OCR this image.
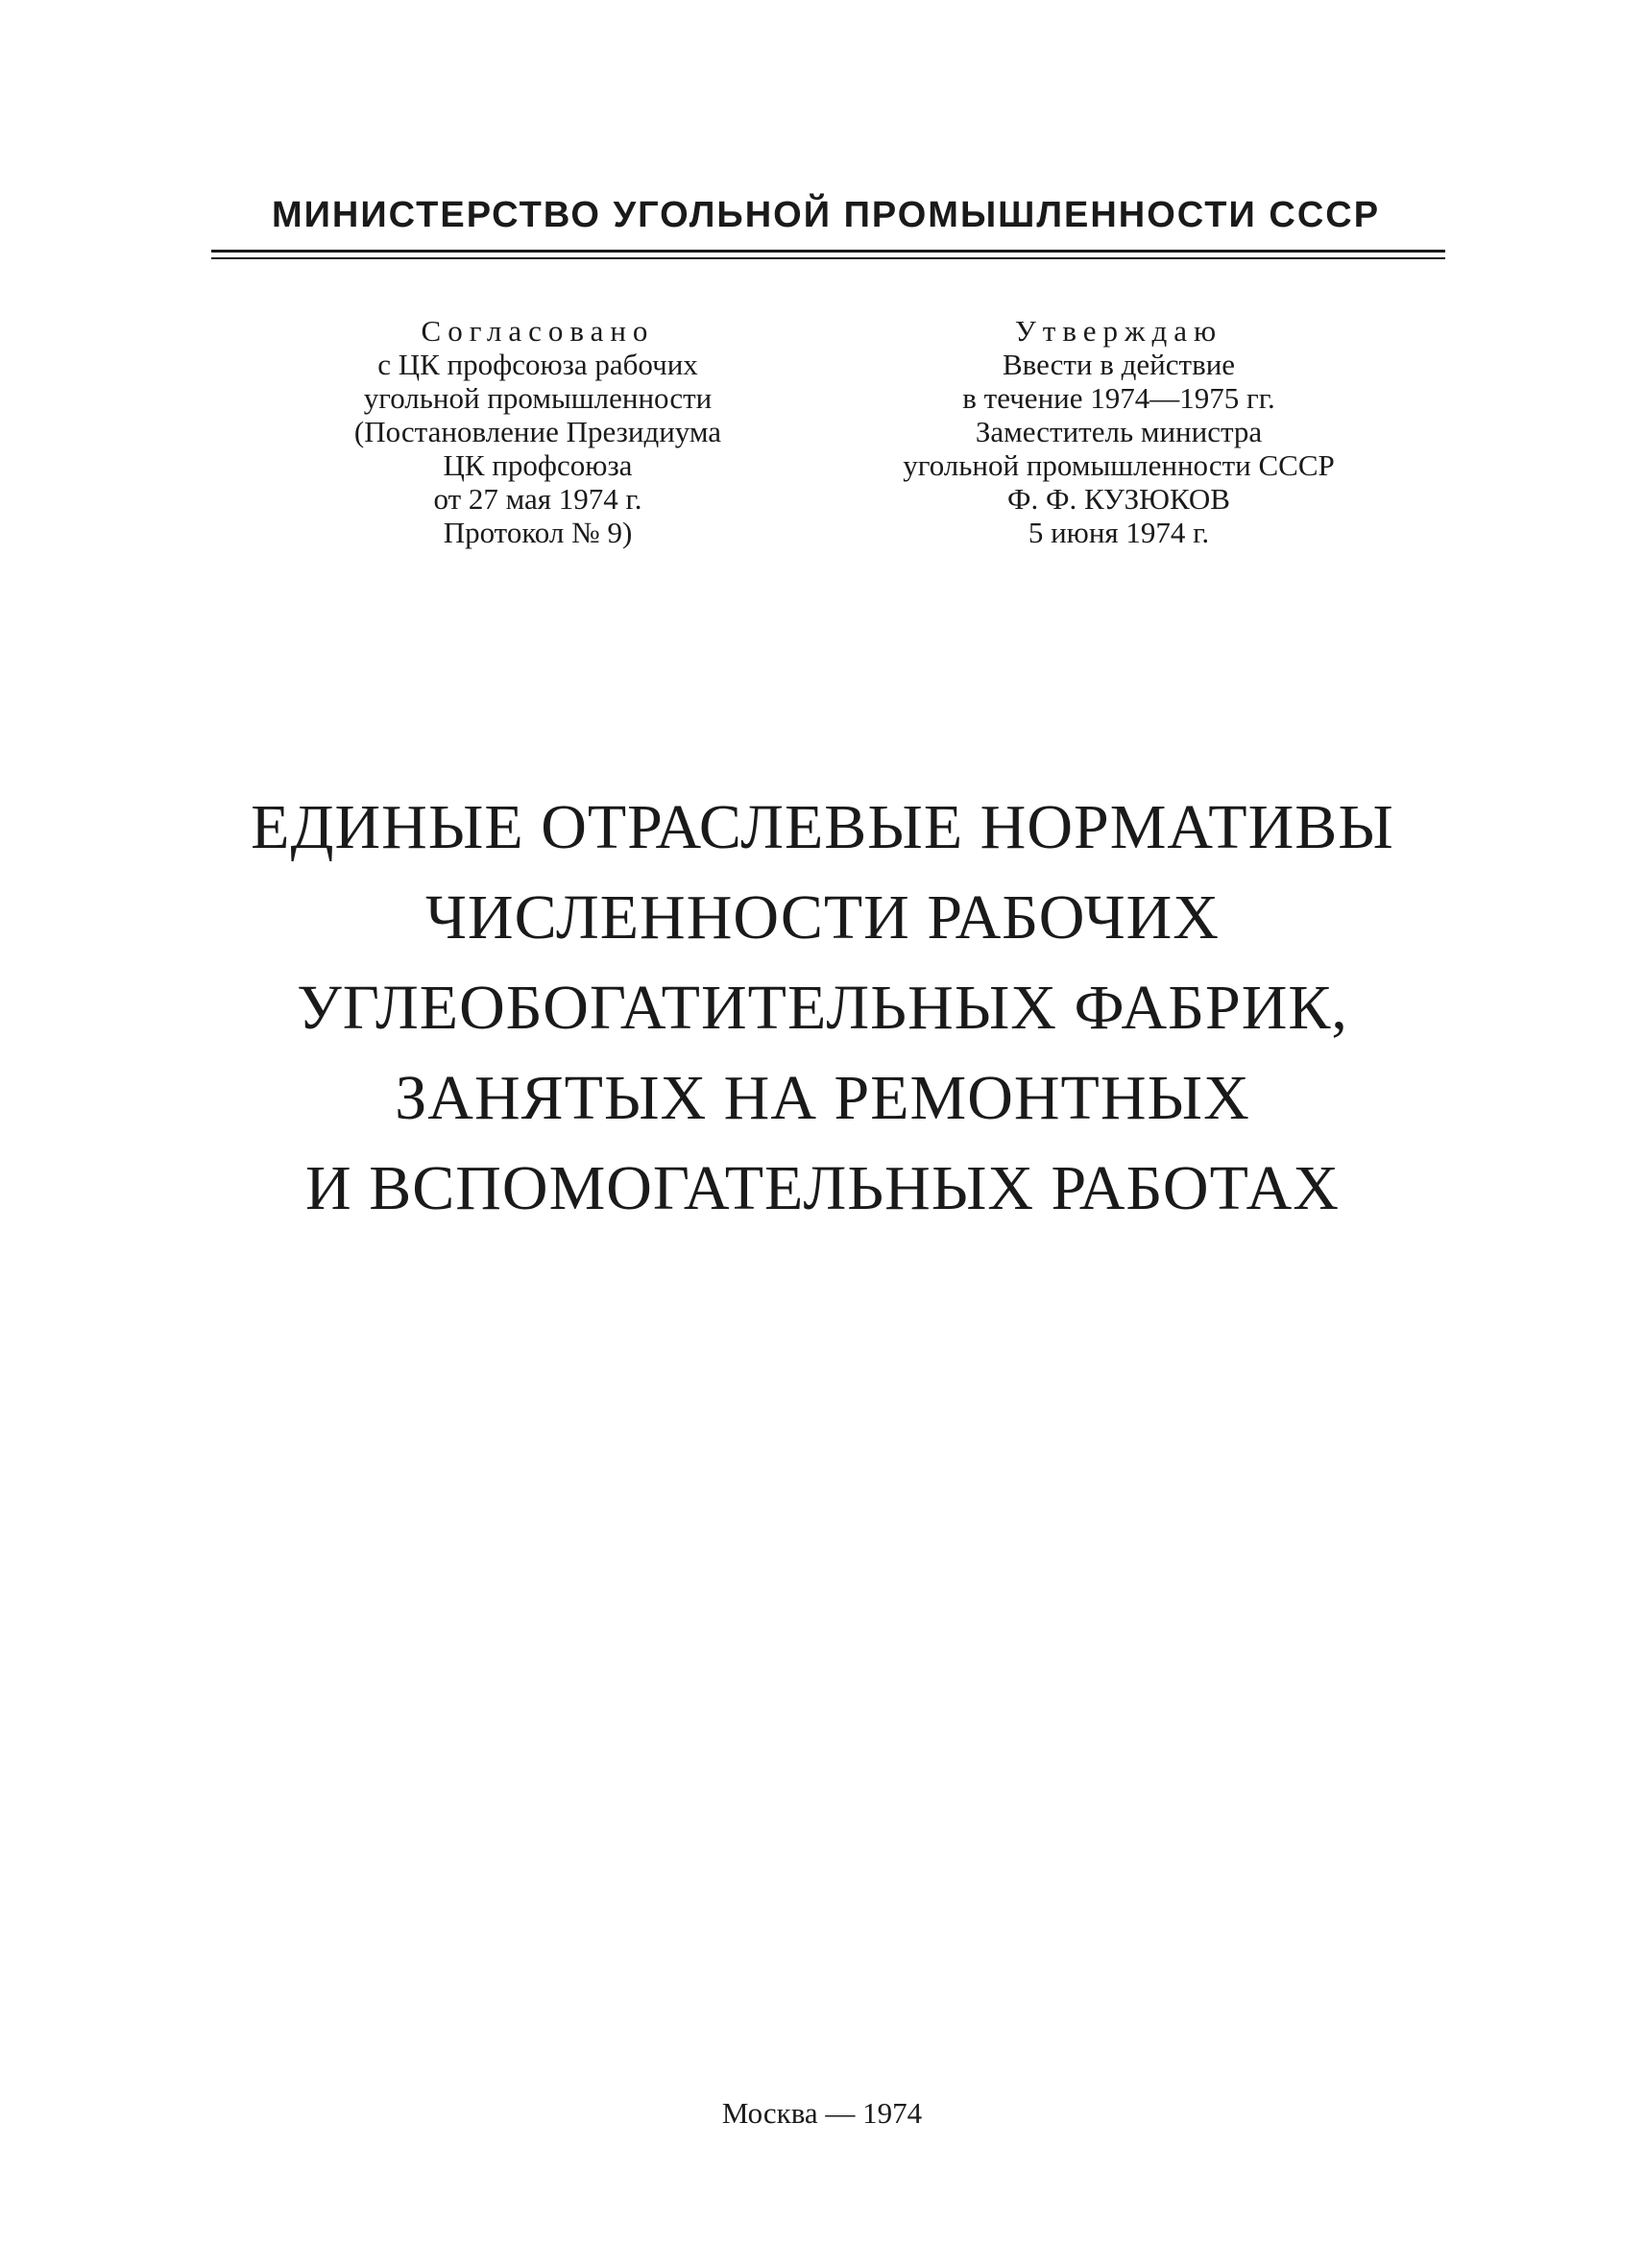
МИНИСТЕРСТВО УГОЛЬНОЙ ПРОМЫШЛЕННОСТИ СССР
Согласовано
с ЦК профсоюза рабочих
угольной промышленности
(Постановление Президиума
ЦК профсоюза
от 27 мая 1974 г.
Протокол № 9)
Утверждаю
Ввести в действие
в течение 1974—1975 гг.
Заместитель министра
угольной промышленности СССР
Ф. Ф. КУЗЮКОВ
5 июня 1974 г.
ЕДИНЫЕ ОТРАСЛЕВЫЕ НОРМАТИВЫ
ЧИСЛЕННОСТИ РАБОЧИХ
УГЛЕОБОГАТИТЕЛЬНЫХ ФАБРИК,
ЗАНЯТЫХ НА РЕМОНТНЫХ
И ВСПОМОГАТЕЛЬНЫХ РАБОТАХ
Москва — 1974
